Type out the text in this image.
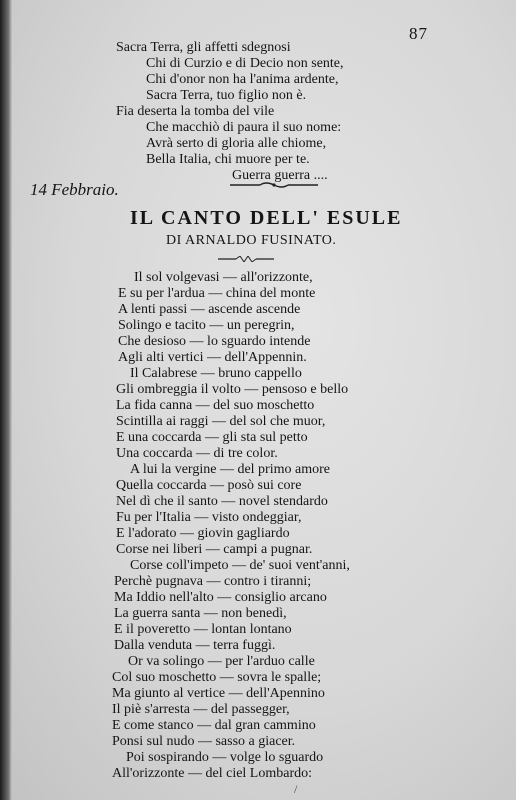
87
Sacra Terra, gli affetti sdegnosi
Chi di Curzio e di Decio non sente,
Chi d'onor non ha l'anima ardente,
Sacra Terra, tuo figlio non è.
Fia deserta la tomba del vile
Che macchiò di paura il suo nome:
Avrà serto di gloria alle chiome,
Bella Italia, chi muore per te.
Guerra guerra ....
14 Febbraio.
IL CANTO DELL' ESULE
DI ARNALDO FUSINATO.
Il sol volgevasi — all'orizzonte,
E su per l'ardua — china del monte
A lenti passi — ascende ascende
Solingo e tacito — un peregrin,
Che desioso — lo sguardo intende
Agli alti vertici — dell'Appennin.
Il Calabrese — bruno cappello
Gli ombreggia il volto — pensoso e bello
La fida canna — del suo moschetto
Scintilla ai raggi — del sol che muor,
E una coccarda — gli sta sul petto
Una coccarda — di tre color.
A lui la vergine — del primo amore
Quella coccarda — posò sui core
Nel dì che il santo — novel stendardo
Fu per l'Italia — visto ondeggiar,
E l'adorato — giovin gagliardo
Corse nei liberi — campi a pugnar.
Corse coll'impeto — de' suoi vent'anni,
Perchè pugnava — contro i tiranni;
Ma Iddio nell'alto — consiglio arcano
La guerra santa — non benedì,
E il poveretto — lontan lontano
Dalla venduta — terra fuggì.
Or va solingo — per l'arduo calle
Col suo moschetto — sovra le spalle;
Ma giunto al vertice — dell'Apennino
Il piè s'arresta — del passegger,
E come stanco — dal gran cammino
Ponsi sul nudo — sasso a giacer.
Poi sospirando — volge lo sguardo
All'orizzonte — del ciel Lombardo:
/
